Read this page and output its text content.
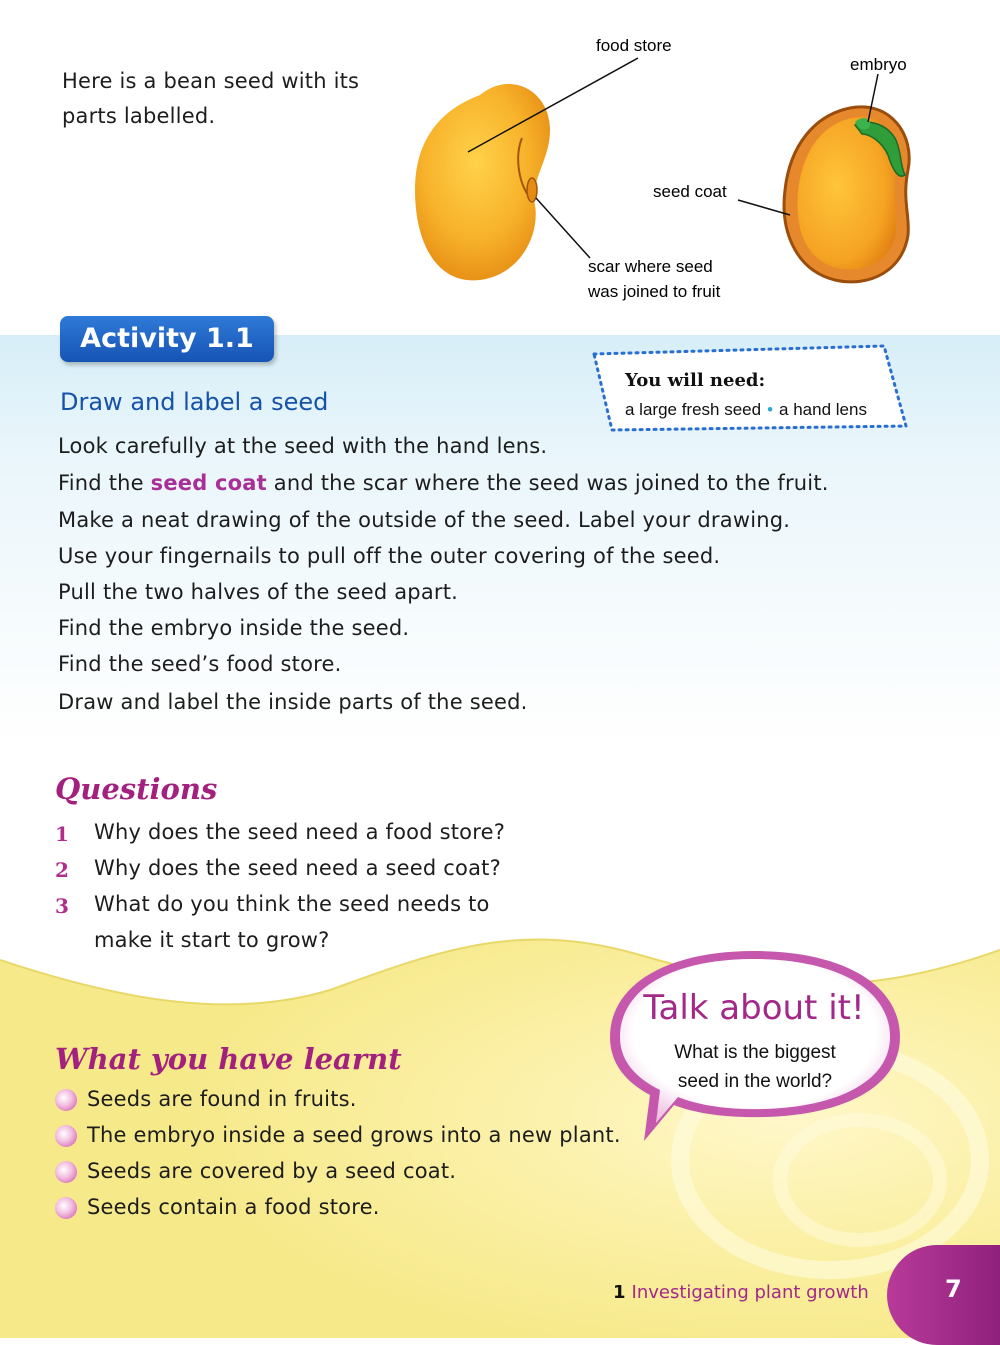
Here is a bean seed with its
parts labelled.
food store
scar where seed
was joined to fruit
embryo
seed coat
Activity 1.1
You will need:
a large fresh seed • a hand lens
Draw and label a seed
Look carefully at the seed with the hand lens.
Find the seed coat and the scar where the seed was joined to the fruit.
Make a neat drawing of the outside of the seed. Label your drawing.
Use your fingernails to pull off the outer covering of the seed.
Pull the two halves of the seed apart.
Find the embryo inside the seed.
Find the seed’s food store.
Draw and label the inside parts of the seed.
Questions
1 Why does the seed need a food store?
2 Why does the seed need a seed coat?
3 What do you think the seed needs to
make it start to grow?
What you have learnt
Seeds are found in fruits.
The embryo inside a seed grows into a new plant.
Seeds are covered by a seed coat.
Seeds contain a food store.
Talk about it!
What is the biggest
seed in the world?
1 Investigating plant growth	7
